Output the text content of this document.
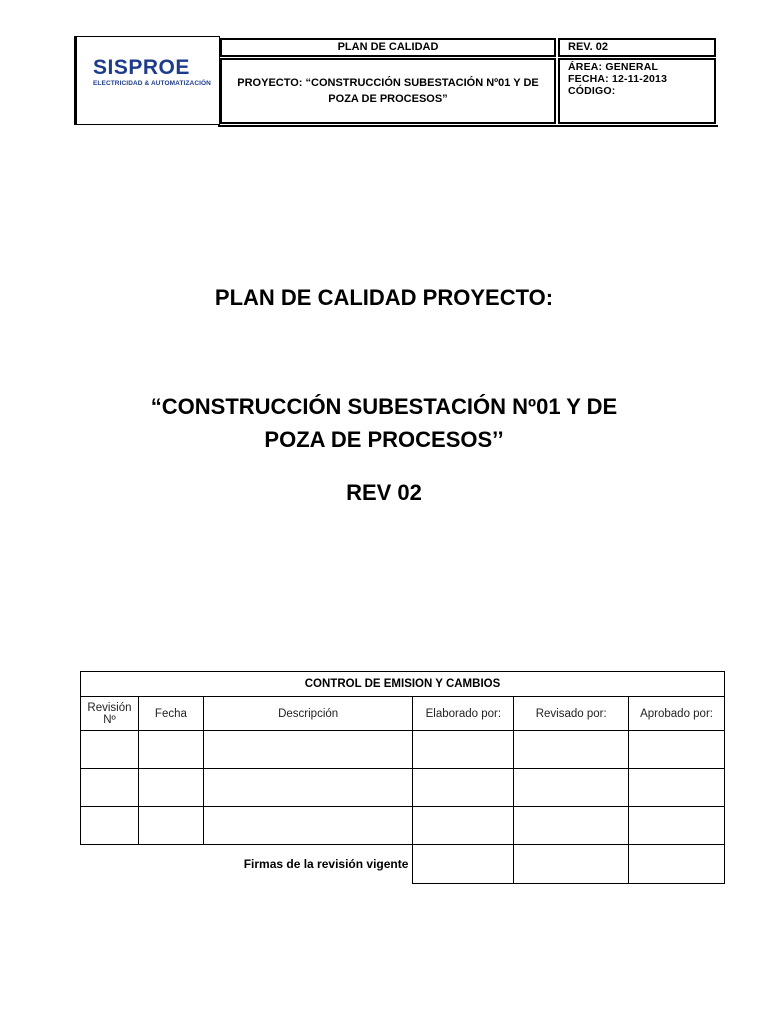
SISPROE
ELECTRICIDAD & AUTOMATIZACIÓN
PLAN DE CALIDAD	REV. 02
PROYECTO: “CONSTRUCCIÓN SUBESTACIÓN Nº01 Y DE POZA DE PROCESOS”
ÁREA: GENERAL
FECHA: 12-11-2013
CÓDIGO:
PLAN DE CALIDAD PROYECTO:
“CONSTRUCCIÓN SUBESTACIÓN Nº01 Y DE
POZA DE PROCESOS’’
REV 02
CONTROL DE EMISION Y CAMBIOS					
Revisión Nº	Fecha	Descripción	Elaborado por:	Revisado por:	Aprobado por:

Firmas de la revisión vigente					
